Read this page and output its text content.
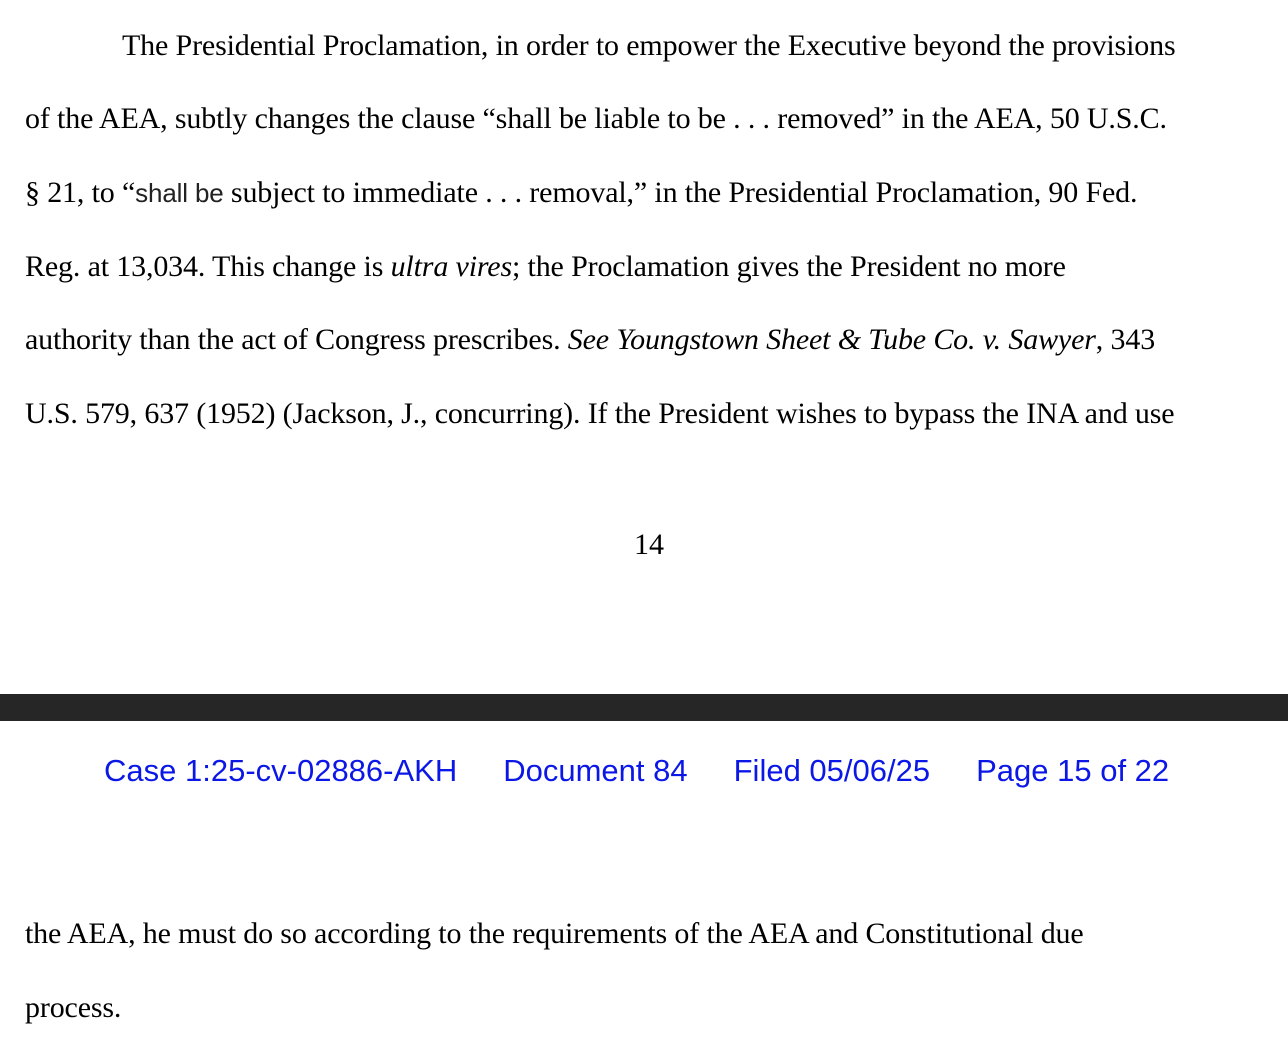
The Presidential Proclamation, in order to empower the Executive beyond the provisions
of the AEA, subtly changes the clause “shall be liable to be . . . removed” in the AEA, 50 U.S.C.
§ 21, to “shall be subject to immediate . . . removal,” in the Presidential Proclamation, 90 Fed.
Reg. at 13,034. This change is ultra vires; the Proclamation gives the President no more
authority than the act of Congress prescribes. See Youngstown Sheet & Tube Co. v. Sawyer, 343
U.S. 579, 637 (1952) (Jackson, J., concurring). If the President wishes to bypass the INA and use
14
Case 1:25-cv-02886-AKH Document 84 Filed 05/06/25 Page 15 of 22
the AEA, he must do so according to the requirements of the AEA and Constitutional due
process.
